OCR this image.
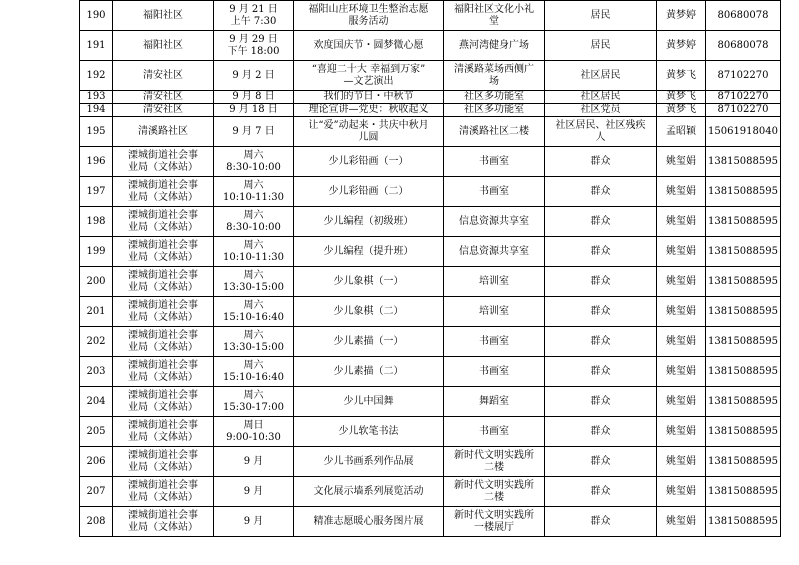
190	福阳社区	9 月 21 日
上午 7:30	福阳山庄环境卫生整治志愿
服务活动	福阳社区文化小礼
堂	居民	黄梦婷	80680078

191	福阳社区	9 月 29 日
下午 18:00	欢度国庆节・圆梦微心愿	燕河湾健身广场	居民	黄梦婷	80680078

192	清安社区	9 月 2 日	“喜迎二十大 幸福到万家”
—文艺演出	清溪路菜场西侧广
场	社区居民	黄梦飞	87102270

193	清安社区	9 月 8 日	我们的节日・中秋节	社区多功能室	社区居民	黄梦飞	87102270

194	清安社区	9 月 18 日	理论宣讲—党史：秋收起义	社区多功能室	社区党员	黄梦飞	87102270

195	清溪路社区	9 月 7 日	让“爱”动起来・共庆中秋月
儿圆	清溪路社区二楼	社区居民、社区残疾
人	孟昭颖	15061918040

196	溧城街道社会事
业局（文体站）	周六
8:30-10:00	少儿彩铅画（一）	书画室	群众	姚玺娟	13815088595

197	溧城街道社会事
业局（文体站）	周六
10:10-11:30	少儿彩铅画（二）	书画室	群众	姚玺娟	13815088595

198	溧城街道社会事
业局（文体站）	周六
8:30-10:00	少儿编程（初级班）	信息资源共享室	群众	姚玺娟	13815088595

199	溧城街道社会事
业局（文体站）	周六
10:10-11:30	少儿编程（提升班）	信息资源共享室	群众	姚玺娟	13815088595

200	溧城街道社会事
业局（文体站）	周六
13:30-15:00	少儿象棋（一）	培训室	群众	姚玺娟	13815088595

201	溧城街道社会事
业局（文体站）	周六
15:10-16:40	少儿象棋（二）	培训室	群众	姚玺娟	13815088595

202	溧城街道社会事
业局（文体站）	周六
13:30-15:00	少儿素描（一）	书画室	群众	姚玺娟	13815088595

203	溧城街道社会事
业局（文体站）	周六
15:10-16:40	少儿素描（二）	书画室	群众	姚玺娟	13815088595

204	溧城街道社会事
业局（文体站）	周六
15:30-17:00	少儿中国舞	舞蹈室	群众	姚玺娟	13815088595

205	溧城街道社会事
业局（文体站）	周日
9:00-10:30	少儿软笔书法	书画室	群众	姚玺娟	13815088595

206	溧城街道社会事
业局（文体站）	9 月	少儿书画系列作品展	新时代文明实践所
二楼	群众	姚玺娟	13815088595

207	溧城街道社会事
业局（文体站）	9 月	文化展示墙系列展览活动	新时代文明实践所
二楼	群众	姚玺娟	13815088595

208	溧城街道社会事
业局（文体站）	9 月	精准志愿暖心服务图片展	新时代文明实践所
一楼展厅	群众	姚玺娟	13815088595
